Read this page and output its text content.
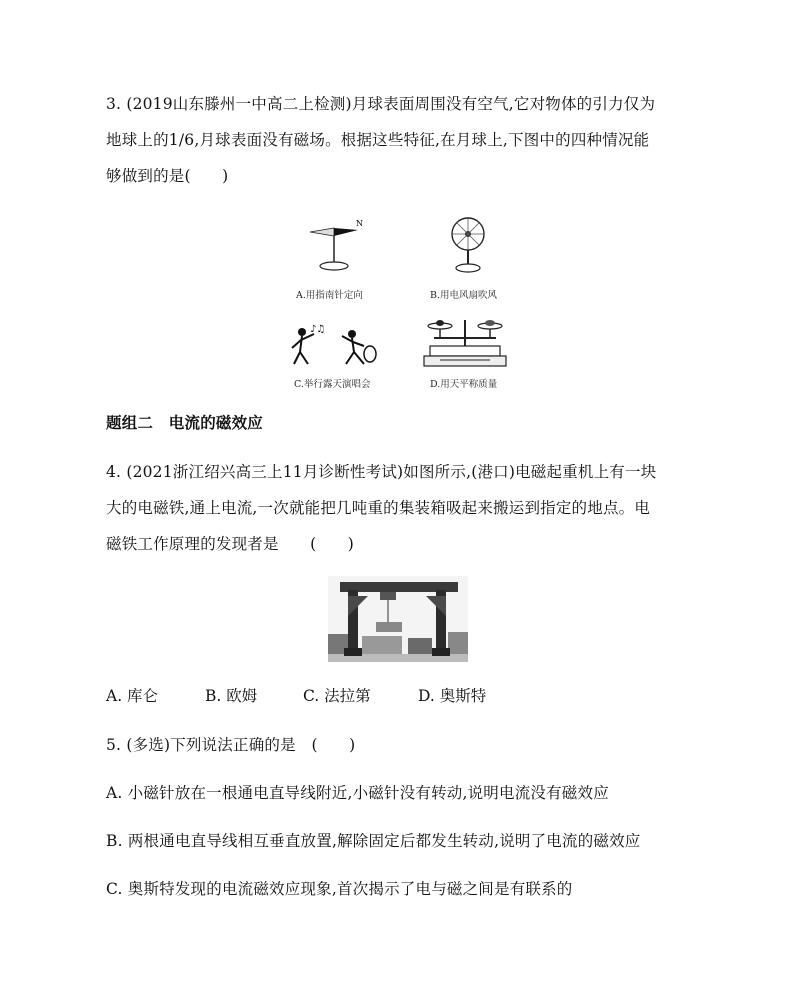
3. (2019山东滕州一中高二上检测)月球表面周围没有空气,它对物体的引力仅为
地球上的1/6,月球表面没有磁场。根据这些特征,在月球上,下图中的四种情况能
够做到的是(　　)
N
A.用指南针定向	B.用电风扇吹风
♪♫
C.举行露天演唱会	D.用天平称质量
题组二　电流的磁效应
4. (2021浙江绍兴高三上11月诊断性考试)如图所示,(港口)电磁起重机上有一块
大的电磁铁,通上电流,一次就能把几吨重的集装箱吸起来搬运到指定的地点。电
磁铁工作原理的发现者是　　(　　)
A. 库仑	B. 欧姆	C. 法拉第	D. 奥斯特
5. (多选)下列说法正确的是　(　　)
A. 小磁针放在一根通电直导线附近,小磁针没有转动,说明电流没有磁效应
B. 两根通电直导线相互垂直放置,解除固定后都发生转动,说明了电流的磁效应
C. 奥斯特发现的电流磁效应现象,首次揭示了电与磁之间是有联系的
